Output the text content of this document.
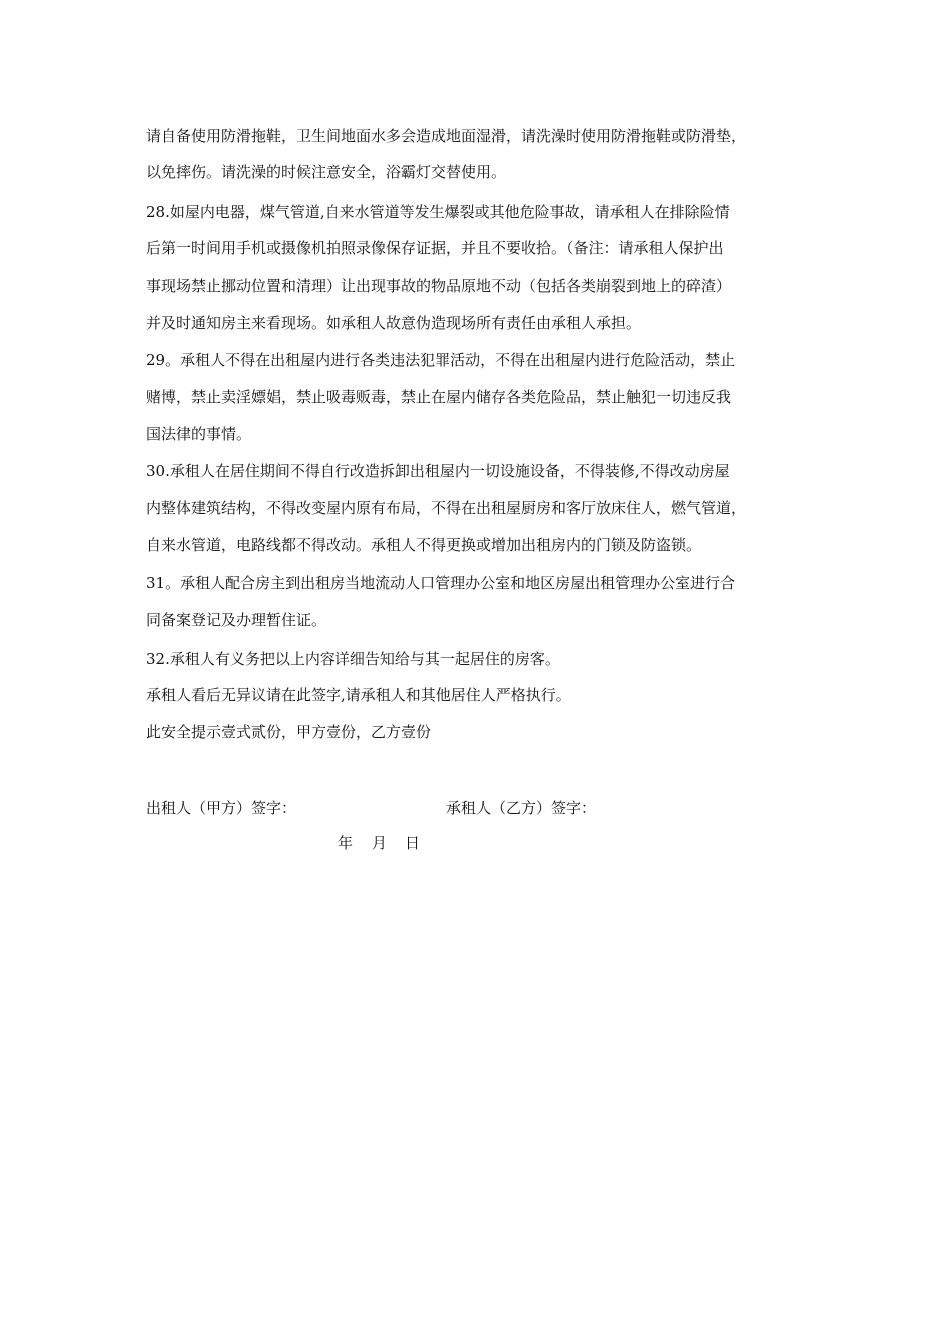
请自备使用防滑拖鞋，卫生间地面水多会造成地面湿滑，请洗澡时使用防滑拖鞋或防滑垫，
以免摔伤。请洗澡的时候注意安全，浴霸灯交替使用。
28.如屋内电器，煤气管道,自来水管道等发生爆裂或其他危险事故，请承租人在排除险情
后第一时间用手机或摄像机拍照录像保存证据，并且不要收拾。（备注：请承租人保护出
事现场禁止挪动位置和清理）让出现事故的物品原地不动（包括各类崩裂到地上的碎渣）
并及时通知房主来看现场。如承租人故意伪造现场所有责任由承租人承担。
29。承租人不得在出租屋内进行各类违法犯罪活动，不得在出租屋内进行危险活动，禁止
赌博，禁止卖淫嫖娼，禁止吸毒贩毒，禁止在屋内储存各类危险品，禁止触犯一切违反我
国法律的事情。
30.承租人在居住期间不得自行改造拆卸出租屋内一切设施设备，不得装修,不得改动房屋
内整体建筑结构，不得改变屋内原有布局，不得在出租屋厨房和客厅放床住人，燃气管道，
自来水管道，电路线都不得改动。承租人不得更换或增加出租房内的门锁及防盗锁。
31。承租人配合房主到出租房当地流动人口管理办公室和地区房屋出租管理办公室进行合
同备案登记及办理暂住证。
32.承租人有义务把以上内容详细告知给与其一起居住的房客。
承租人看后无异议请在此签字,请承租人和其他居住人严格执行。
此安全提示壹式贰份，甲方壹份，乙方壹份
出租人（甲方）签字：	承租人（乙方）签字：
年 月 日
